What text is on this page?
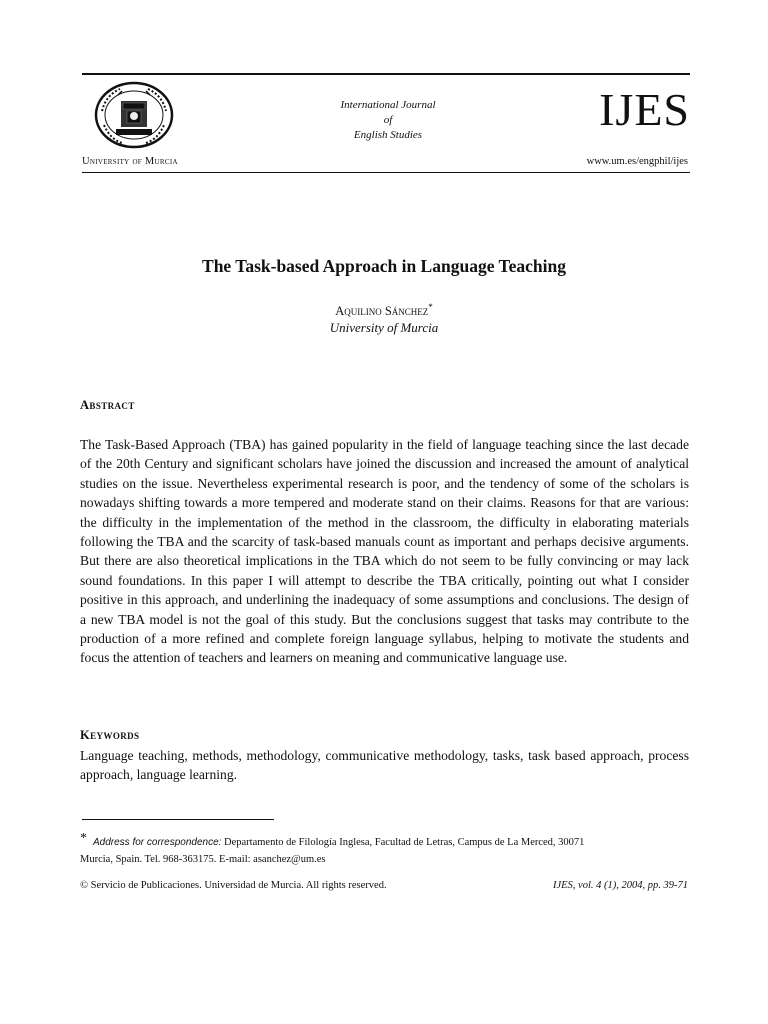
International Journal
of
English Studies	IJES
University of Murcia	www.um.es/engphil/ijes
The Task-based Approach in Language Teaching
Aquilino Sánchez*
University of Murcia
Abstract
The Task-Based Approach (TBA) has gained popularity in the field of language teaching since the last decade of the 20th Century and significant scholars have joined the discussion and increased the amount of analytical studies on the issue. Nevertheless experimental research is poor, and the tendency of some of the scholars is nowadays shifting towards a more tempered and moderate stand on their claims. Reasons for that are various: the difficulty in the implementation of the method in the classroom, the difficulty in elaborating materials following the TBA and the scarcity of task-based manuals count as important and perhaps decisive arguments. But there are also theoretical implications in the TBA which do not seem to be fully convincing or may lack sound foundations. In this paper I will attempt to describe the TBA critically, pointing out what I consider positive in this approach, and underlining the inadequacy of some assumptions and conclusions. The design of a new TBA model is not the goal of this study. But the conclusions suggest that tasks may contribute to the production of a more refined and complete foreign language syllabus, helping to motivate the students and focus the attention of teachers and learners on meaning and communicative language use.
Keywords
Language teaching, methods, methodology, communicative methodology, tasks, task based approach, process approach, language learning.
* Address for correspondence: Departamento de Filología Inglesa, Facultad de Letras, Campus de La Merced, 30071
Murcia, Spain. Tel. 968-363175. E-mail: asanchez@um.es
© Servicio de Publicaciones. Universidad de Murcia. All rights reserved.	IJES, vol. 4 (1), 2004, pp. 39-71
